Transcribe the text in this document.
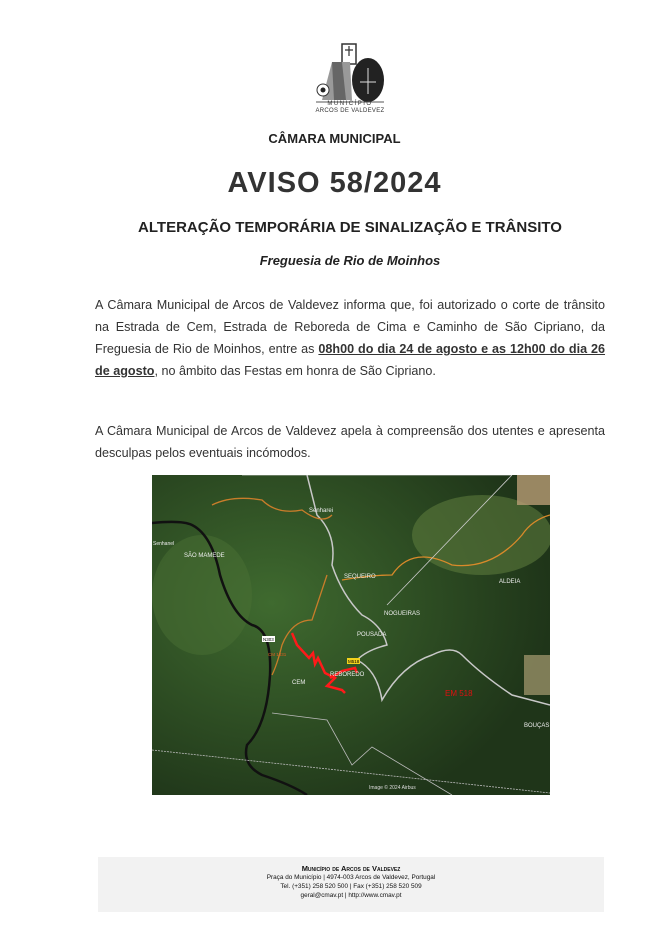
MUNICÍPIO
ARCOS DE VALDEVEZ
CÂMARA MUNICIPAL
AVISO 58/2024
ALTERAÇÃO TEMPORÁRIA DE SINALIZAÇÃO E TRÂNSITO
Freguesia de Rio de Moinhos
A Câmara Municipal de Arcos de Valdevez informa que, foi autorizado o corte de trânsito na Estrada de Cem, Estrada de Reboreda de Cima e Caminho de São Cipriano, da Freguesia de Rio de Moinhos, entre as 08h00 do dia 24 de agosto e as 12h00 do dia 26 de agosto, no âmbito das Festas em honra de São Cipriano.
A Câmara Municipal de Arcos de Valdevez apela à compreensão dos utentes e apresenta desculpas pelos eventuais incómodos.
Senharei
SÃO MAMEDE
Senhanel
SEQUEIRO
NOGUEIRAS
POUSADA
REBOREDO
CEM
ALDEIA
BOUÇAS
EM 518
CM 1331
N303
M518
Image © 2024 Airbus
Município de Arcos de Valdevez
Praça do Município | 4974-003 Arcos de Valdevez, Portugal
Tel. (+351) 258 520 500 | Fax (+351) 258 520 509
geral@cmav.pt | http://www.cmav.pt
